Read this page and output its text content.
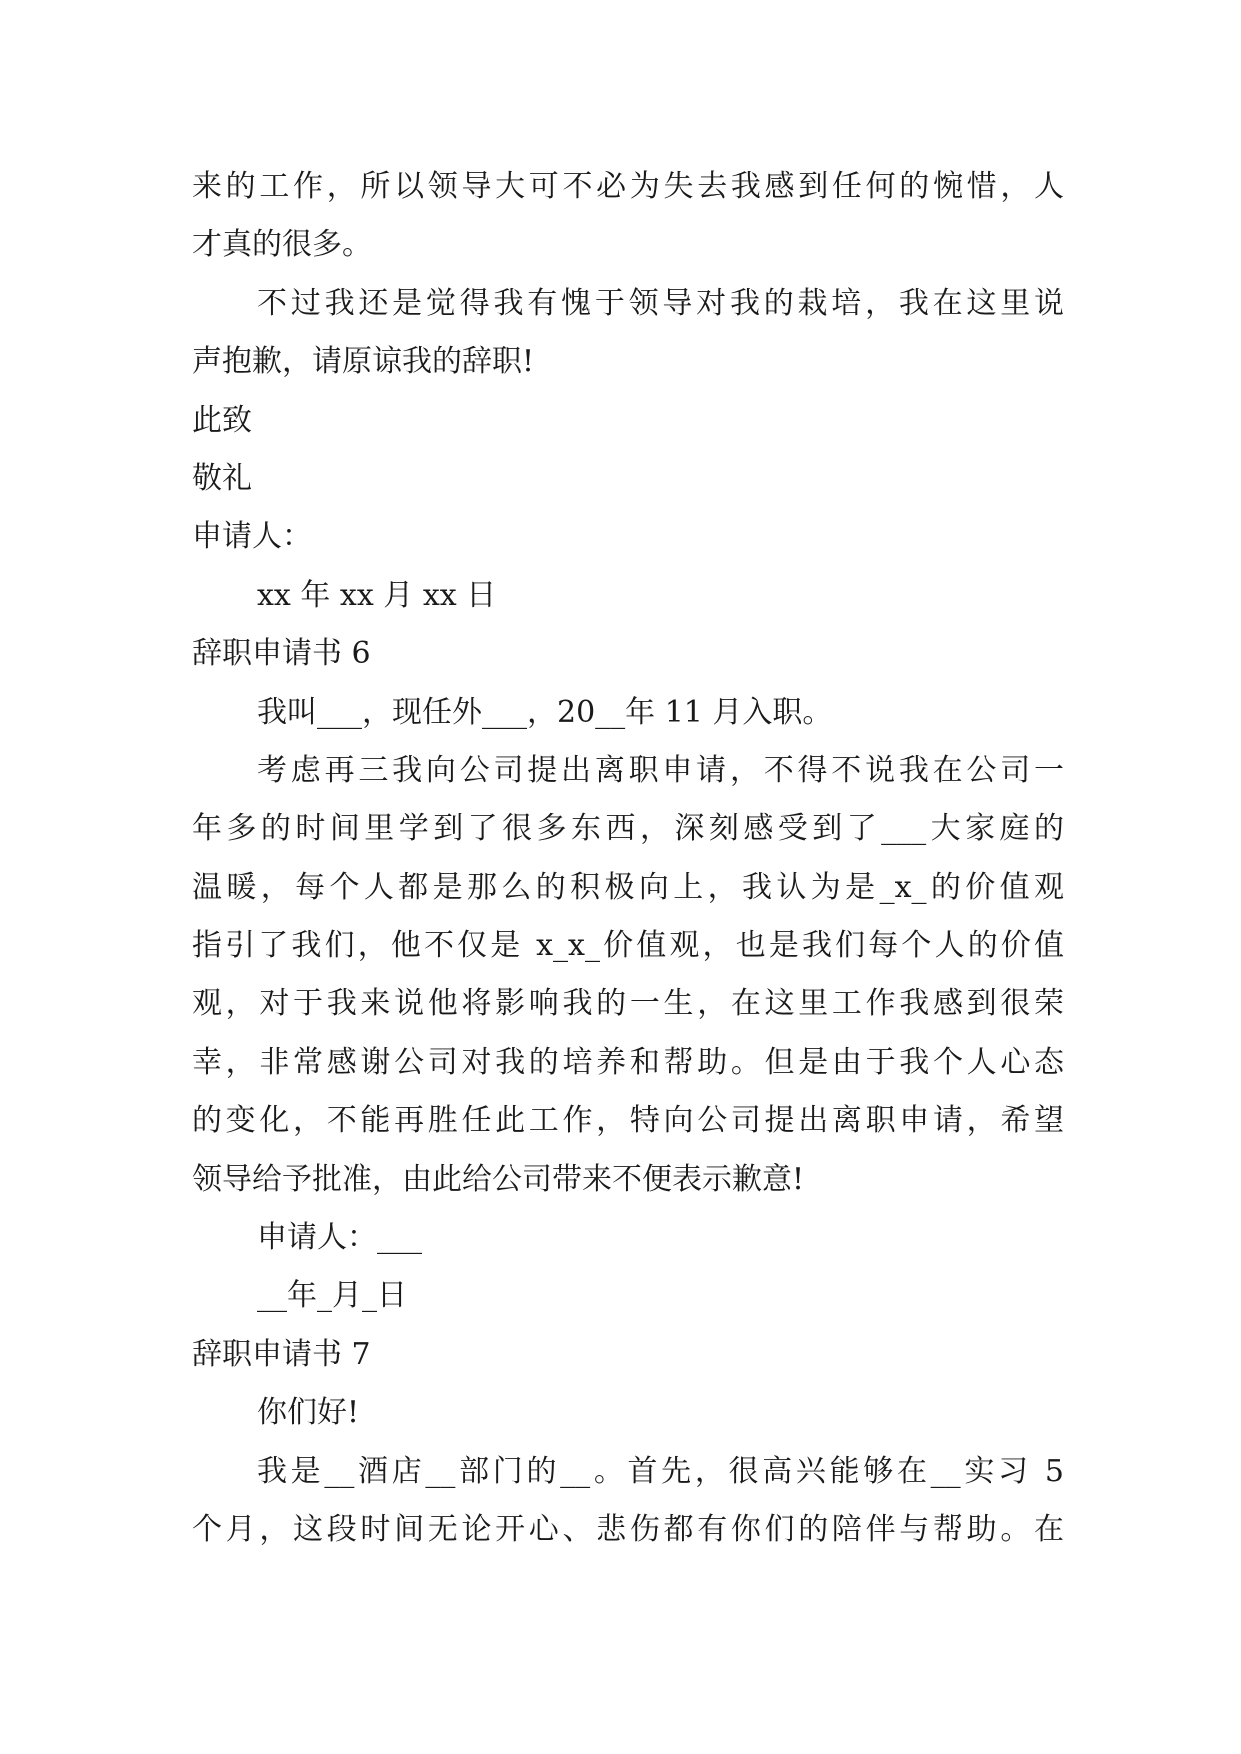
来的工作，所以领导大可不必为失去我感到任何的惋惜，人
才真的很多。
不过我还是觉得我有愧于领导对我的栽培，我在这里说
声抱歉，请原谅我的辞职!
此致
敬礼
申请人：
xx 年 xx 月 xx 日
辞职申请书 6
我叫___，现任外___，20__年 11 月入职。
考虑再三我向公司提出离职申请，不得不说我在公司一
年多的时间里学到了很多东西，深刻感受到了___大家庭的
温暖，每个人都是那么的积极向上，我认为是_x_的价值观
指引了我们，他不仅是 x_x_价值观，也是我们每个人的价值
观，对于我来说他将影响我的一生，在这里工作我感到很荣
幸，非常感谢公司对我的培养和帮助。但是由于我个人心态
的变化，不能再胜任此工作，特向公司提出离职申请，希望
领导给予批准，由此给公司带来不便表示歉意!
申请人：___
__年_月_日
辞职申请书 7
你们好!
我是__酒店__部门的__。首先，很高兴能够在__实习 5
个月，这段时间无论开心、悲伤都有你们的陪伴与帮助。在
